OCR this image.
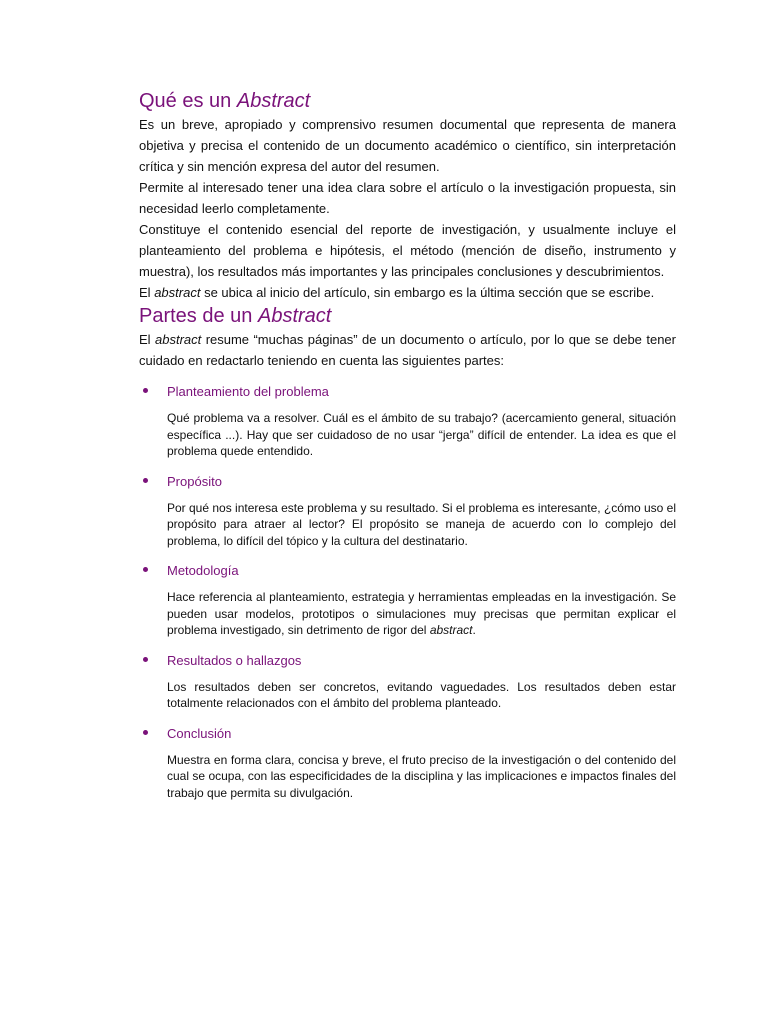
Qué es un Abstract

Es un breve, apropiado y comprensivo resumen documental que representa de manera objetiva y precisa el contenido de un documento académico o científico, sin interpretación crítica y sin mención expresa del autor del resumen.

Permite al interesado tener una idea clara sobre el artículo o la investigación propuesta, sin necesidad leerlo completamente.

Constituye el contenido esencial del reporte de investigación, y usualmente incluye el planteamiento del problema e hipótesis, el método (mención de diseño, instrumento y muestra), los resultados más importantes y las principales conclusiones y descubrimientos.

El abstract se ubica al inicio del artículo, sin embargo es la última sección que se escribe.

Partes de un Abstract

El abstract resume “muchas páginas” de un documento o artículo, por lo que se debe tener cuidado en redactarlo teniendo en cuenta las siguientes partes:

Planteamiento del problema

Qué problema va a resolver. Cuál es el ámbito de su trabajo? (acercamiento general, situación específica ...). Hay que ser cuidadoso de no usar “jerga” difícil de entender. La idea es que el problema quede entendido.

Propósito

Por qué nos interesa este problema y su resultado. Si el problema es interesante, ¿cómo uso el propósito para atraer al lector? El propósito se maneja de acuerdo con lo complejo del problema, lo difícil del tópico y la cultura del destinatario.

Metodología

Hace referencia al planteamiento, estrategia y herramientas empleadas en la investigación. Se pueden usar modelos, prototipos o simulaciones muy precisas que permitan explicar el problema investigado, sin detrimento de rigor del abstract.

Resultados o hallazgos

Los resultados deben ser concretos, evitando vaguedades. Los resultados deben estar totalmente relacionados con el ámbito del problema planteado.

Conclusión

Muestra en forma clara, concisa y breve, el fruto preciso de la investigación o del contenido del cual se ocupa, con las especificidades de la disciplina y las implicaciones e impactos finales del trabajo que permita su divulgación.
